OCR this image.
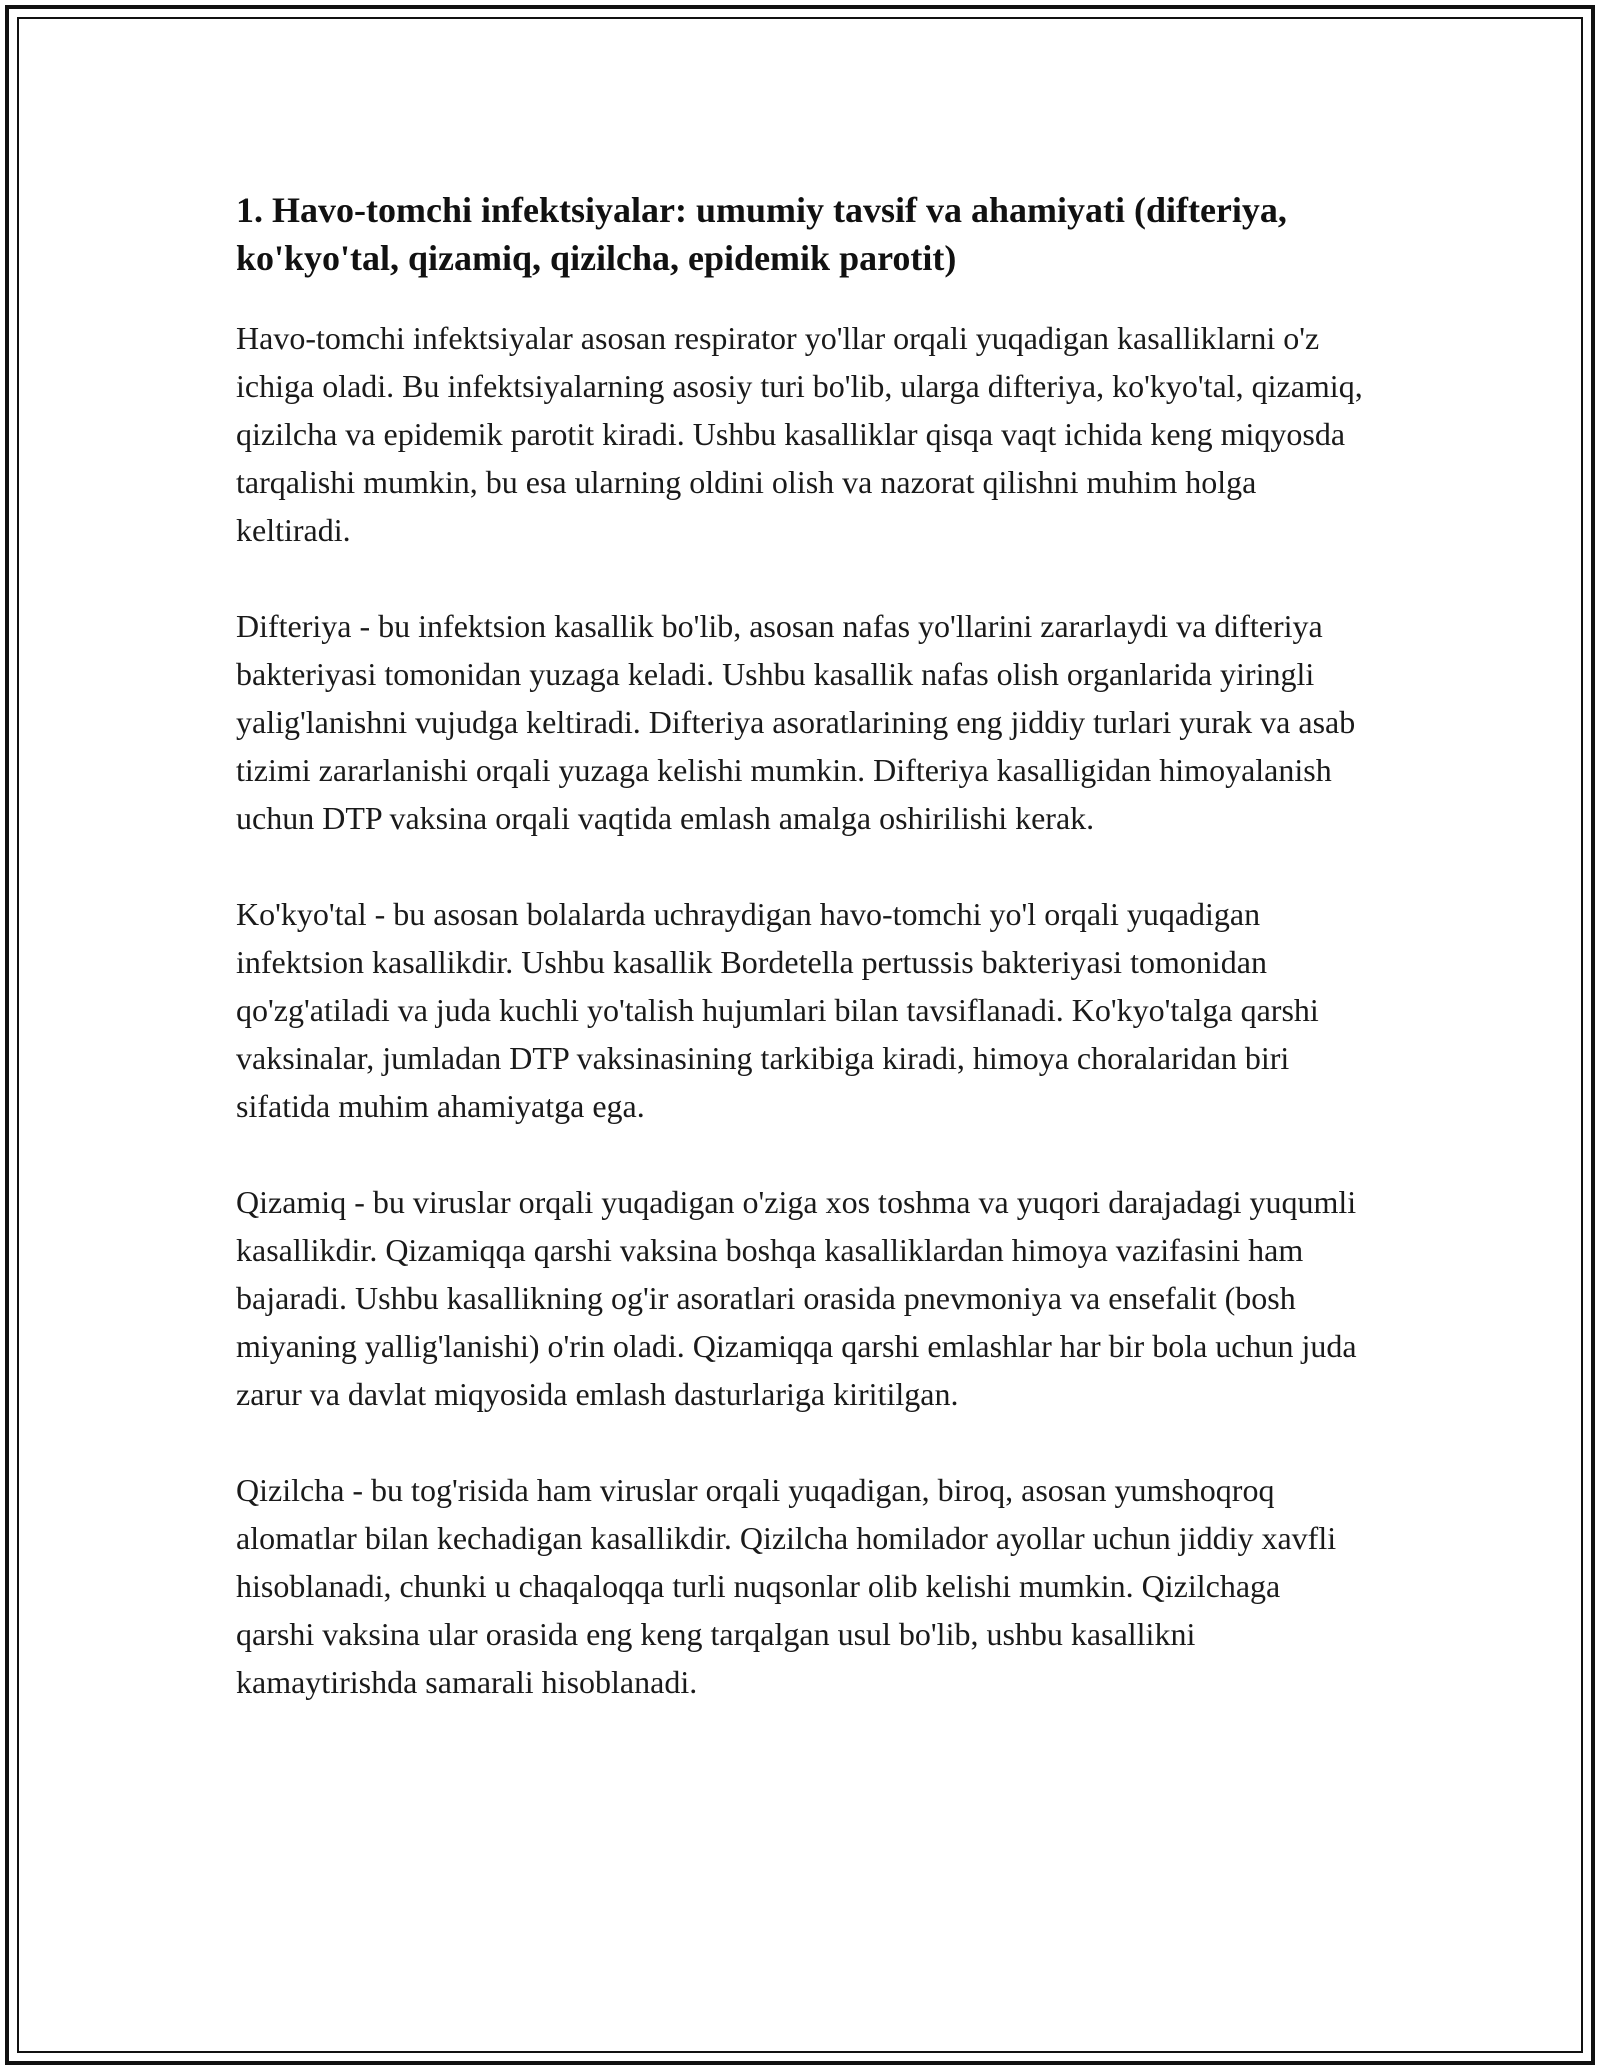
1. Havo-tomchi infektsiyalar: umumiy tavsif va ahamiyati (difteriya, ko'kyo'tal, qizamiq, qizilcha, epidemik parotit)

Havo-tomchi infektsiyalar asosan respirator yo'llar orqali yuqadigan kasalliklarni o'z ichiga oladi. Bu infektsiyalarning asosiy turi bo'lib, ularga difteriya, ko'kyo'tal, qizamiq, qizilcha va epidemik parotit kiradi. Ushbu kasalliklar qisqa vaqt ichida keng miqyosda tarqalishi mumkin, bu esa ularning oldini olish va nazorat qilishni muhim holga keltiradi.

Difteriya - bu infektsion kasallik bo'lib, asosan nafas yo'llarini zararlaydi va difteriya bakteriyasi tomonidan yuzaga keladi. Ushbu kasallik nafas olish organlarida yiringli yalig'lanishni vujudga keltiradi. Difteriya asoratlarining eng jiddiy turlari yurak va asab tizimi zararlanishi orqali yuzaga kelishi mumkin. Difteriya kasalligidan himoyalanish uchun DTP vaksina orqali vaqtida emlash amalga oshirilishi kerak.

Ko'kyo'tal - bu asosan bolalarda uchraydigan havo-tomchi yo'l orqali yuqadigan infektsion kasallikdir. Ushbu kasallik Bordetella pertussis bakteriyasi tomonidan qo'zg'atiladi va juda kuchli yo'talish hujumlari bilan tavsiflanadi. Ko'kyo'talga qarshi vaksinalar, jumladan DTP vaksinasining tarkibiga kiradi, himoya choralaridan biri sifatida muhim ahamiyatga ega.

Qizamiq - bu viruslar orqali yuqadigan o'ziga xos toshma va yuqori darajadagi yuqumli kasallikdir. Qizamiqqa qarshi vaksina boshqa kasalliklardan himoya vazifasini ham bajaradi. Ushbu kasallikning og'ir asoratlari orasida pnevmoniya va ensefalit (bosh miyaning yallig'lanishi) o'rin oladi. Qizamiqqa qarshi emlashlar har bir bola uchun juda zarur va davlat miqyosida emlash dasturlariga kiritilgan.

Qizilcha - bu tog'risida ham viruslar orqali yuqadigan, biroq, asosan yumshoqroq alomatlar bilan kechadigan kasallikdir. Qizilcha homilador ayollar uchun jiddiy xavfli hisoblanadi, chunki u chaqaloqqa turli nuqsonlar olib kelishi mumkin. Qizilchaga qarshi vaksina ular orasida eng keng tarqalgan usul bo'lib, ushbu kasallikni kamaytirishda samarali hisoblanadi.
